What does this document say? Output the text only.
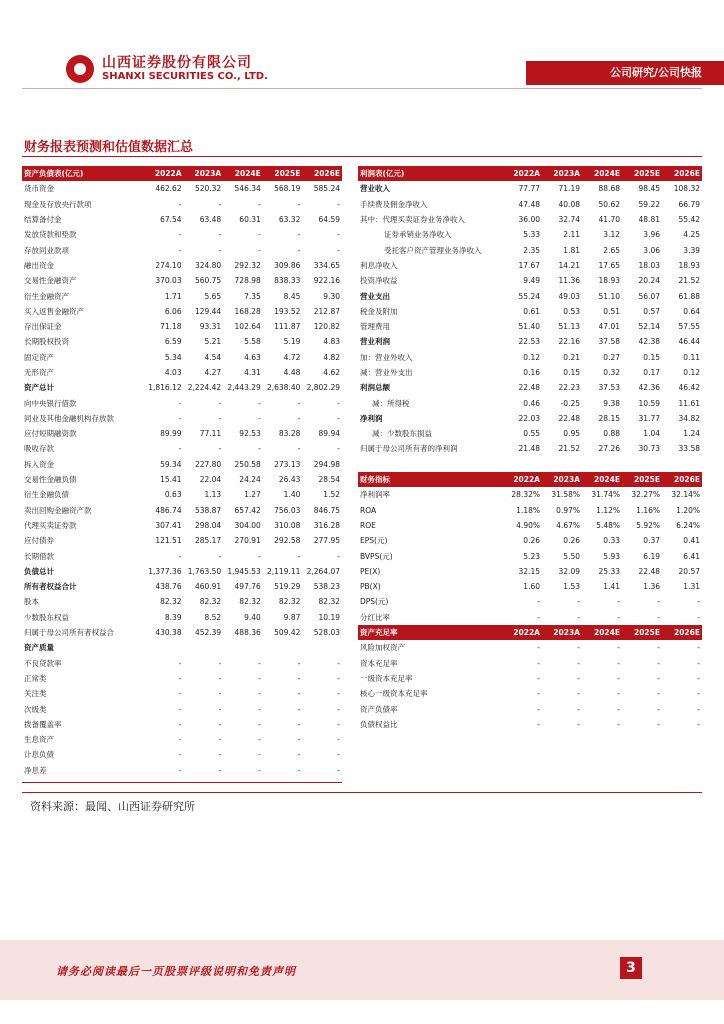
山西证券股份有限公司
SHANXI SECURITIES CO., LTD.	公司研究/公司快报
财务报表预测和估值数据汇总
资产负债表(亿元)	2022A	2023A	2024E	2025E	2026E
货币资金	462.62	520.32	546.34	568.19	585.24
现金及存放央行款项	-	-	-	-	-
结算备付金	67.54	63.48	60.31	63.32	64.59
发放贷款和垫款	-	-	-	-	-
存放同业款项	-	-	-	-	-
融出资金	274.10	324.80	292.32	309.86	334.65
交易性金融资产	370.03	560.75	728.98	838.33	922.16
衍生金融资产	1.71	5.65	7.35	8.45	9.30
买入返售金融资产	6.06	129.44	168.28	193.52	212.87
存出保证金	71.18	93.31	102.64	111.87	120.82
长期股权投资	6.59	5.21	5.58	5.19	4.83
固定资产	5.34	4.54	4.63	4.72	4.82
无形资产	4.03	4.27	4.31	4.48	4.62
资产总计	1,816.12	2,224.42	2,443.29	2,638.40	2,802.29
向中央银行借款	-	-	-	-	-
同业及其他金融机构存放款	-	-	-	-	-
应付短期融资款	89.99	77.11	92.53	83.28	89.94
吸收存款	-	-	-	-	-
拆入资金	59.34	227.80	250.58	273.13	294.98
交易性金融负债	15.41	22.04	24.24	26.43	28.54
衍生金融负债	0.63	1.13	1.27	1.40	1.52
卖出回购金融资产款	486.74	538.87	657.42	756.03	846.75
代理买卖证券款	307.41	298.04	304.00	310.08	316.28
应付债券	121.51	285.17	270.91	292.58	277.95
长期借款	-	-	-	-	-
负债总计	1,377.36	1,763.50	1,945.53	2,119.11	2,264.07
所有者权益合计	438.76	460.91	497.76	519.29	538.23
股本	82.32	82.32	82.32	82.32	82.32
少数股东权益	8.39	8.52	9.40	9.87	10.19
归属于母公司所有者权益合	430.38	452.39	488.36	509.42	528.03
资产质量					
不良贷款率	-	-	-	-	-
正常类	-	-	-	-	-
关注类	-	-	-	-	-
次级类	-	-	-	-	-
拨备覆盖率	-	-	-	-	-
生息资产	-	-	-	-	-
计息负债	-	-	-	-	-
净息差	-	-	-	-	-
利润表(亿元)	2022A	2023A	2024E	2025E	2026E
营业收入	77.77	71.19	88.68	98.45	108.32
手续费及佣金净收入	47.48	40.08	50.62	59.22	66.79
其中：代理买卖证券业务净收入	36.00	32.74	41.70	48.81	55.42
证券承销业务净收入	5.33	2.11	3.12	3.96	4.25
受托客户资产管理业务净收入	2.35	1.81	2.65	3.06	3.39
利息净收入	17.67	14.21	17.65	18.03	18.93
投资净收益	9.49	11.36	18.93	20.24	21.52
营业支出	55.24	49.03	51.10	56.07	61.88
税金及附加	0.61	0.53	0.51	0.57	0.64
管理费用	51.40	51.13	47.01	52.14	57.55
营业利润	22.53	22.16	37.58	42.38	46.44
加：营业外收入	0.12	0.21	0.27	0.15	0.11
减：营业外支出	0.16	0.15	0.32	0.17	0.12
利润总额	22.48	22.23	37.53	42.36	46.42
减：所得税	0.46	-0.25	9.38	10.59	11.61
净利润	22.03	22.48	28.15	31.77	34.82
减：少数股东损益	0.55	0.95	0.88	1.04	1.24
归属于母公司所有者的净利润	21.48	21.52	27.26	30.73	33.58

财务指标	2022A	2023A	2024E	2025E	2026E
净利润率	28.32%	31.58%	31.74%	32.27%	32.14%
ROA	1.18%	0.97%	1.12%	1.16%	1.20%
ROE	4.90%	4.67%	5.48%	5.92%	6.24%
EPS(元)	0.26	0.26	0.33	0.37	0.41
BVPS(元)	5.23	5.50	5.93	6.19	6.41
PE(X)	32.15	32.09	25.33	22.48	20.57
PB(X)	1.60	1.53	1.41	1.36	1.31
DPS(元)	-	-	-	-	-
分红比率	-	-	-	-	-
资产充足率	2022A	2023A	2024E	2025E	2026E
风险加权资产	-	-	-	-	-
资本充足率	-	-	-	-	-
一级资本充足率	-	-	-	-	-
核心一级资本充足率	-	-	-	-	-
资产负债率	-	-	-	-	-
负债权益比	-	-	-	-	-
资料来源：最闻、山西证券研究所
请务必阅读最后一页股票评级说明和免责声明	3
